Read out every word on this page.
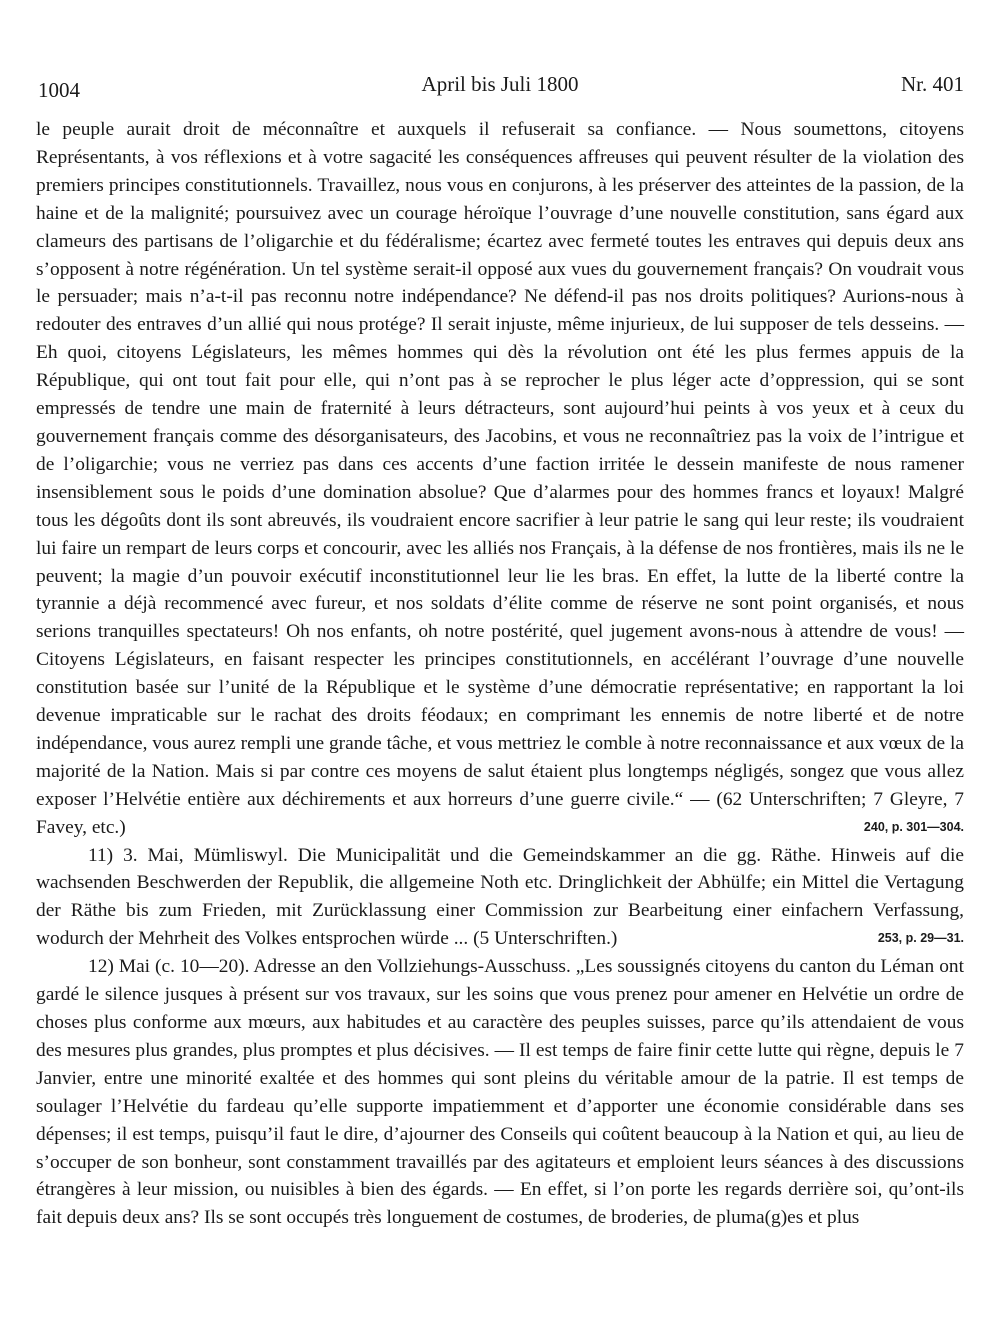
1004	April bis Juli 1800	Nr. 401

le peuple aurait droit de méconnaître et auxquels il refuserait sa confiance. — Nous soumettons, citoyens Représentants, à vos réflexions et à votre sagacité les conséquences affreuses qui peuvent résulter de la violation des premiers principes constitutionnels. Travaillez, nous vous en conjurons, à les préserver des atteintes de la passion, de la haine et de la malignité; poursuivez avec un courage héroïque l’ouvrage d’une nouvelle constitution, sans égard aux clameurs des partisans de l’oligarchie et du fédéralisme; écartez avec fermeté toutes les entraves qui depuis deux ans s’opposent à notre régénération. Un tel système serait-il opposé aux vues du gouvernement français? On voudrait vous le persuader; mais n’a-t-il pas reconnu notre indépendance? Ne défend-il pas nos droits politiques? Aurions-nous à redouter des entraves d’un allié qui nous protége? Il serait injuste, même injurieux, de lui supposer de tels desseins. — Eh quoi, citoyens Législateurs, les mêmes hommes qui dès la révolution ont été les plus fermes appuis de la République, qui ont tout fait pour elle, qui n’ont pas à se reprocher le plus léger acte d’oppression, qui se sont empressés de tendre une main de fraternité à leurs détracteurs, sont aujourd’hui peints à vos yeux et à ceux du gouvernement français comme des désorganisateurs, des Jacobins, et vous ne reconnaîtriez pas la voix de l’intrigue et de l’oligarchie; vous ne verriez pas dans ces accents d’une faction irritée le dessein manifeste de nous ramener insensiblement sous le poids d’une domination absolue? Que d’alarmes pour des hommes francs et loyaux! Malgré tous les dégoûts dont ils sont abreuvés, ils voudraient encore sacrifier à leur patrie le sang qui leur reste; ils voudraient lui faire un rempart de leurs corps et concourir, avec les alliés nos Français, à la défense de nos frontières, mais ils ne le peuvent; la magie d’un pouvoir exécutif inconstitutionnel leur lie les bras. En effet, la lutte de la liberté contre la tyrannie a déjà recommencé avec fureur, et nos soldats d’élite comme de réserve ne sont point organisés, et nous serions tranquilles spectateurs! Oh nos enfants, oh notre postérité, quel jugement avons-nous à attendre de vous! — Citoyens Législateurs, en faisant respecter les principes constitutionnels, en accélérant l’ouvrage d’une nouvelle constitution basée sur l’unité de la République et le système d’une démocratie représentative; en rapportant la loi devenue impraticable sur le rachat des droits féodaux; en comprimant les ennemis de notre liberté et de notre indépendance, vous aurez rempli une grande tâche, et vous mettriez le comble à notre reconnaissance et aux vœux de la majorité de la Nation. Mais si par contre ces moyens de salut étaient plus longtemps négligés, songez que vous allez exposer l’Helvétie entière aux déchirements et aux horreurs d’une guerre civile.“ — (62 Unterschriften; 7 Gleyre, 7 Favey, etc.)	240, p. 301—304.

11) 3. Mai, Mümliswyl. Die Municipalität und die Gemeindskammer an die gg. Räthe. Hinweis auf die wachsenden Beschwerden der Republik, die allgemeine Noth etc. Dringlichkeit der Abhülfe; ein Mittel die Vertagung der Räthe bis zum Frieden, mit Zurücklassung einer Commission zur Bearbeitung einer einfachern Verfassung, wodurch der Mehrheit des Volkes entsprochen würde ... (5 Unterschriften.)	253, p. 29—31.

12) Mai (c. 10—20). Adresse an den Vollziehungs-Ausschuss. „Les soussignés citoyens du canton du Léman ont gardé le silence jusques à présent sur vos travaux, sur les soins que vous prenez pour amener en Helvétie un ordre de choses plus conforme aux mœurs, aux habitudes et au caractère des peuples suisses, parce qu’ils attendaient de vous des mesures plus grandes, plus promptes et plus décisives. — Il est temps de faire finir cette lutte qui règne, depuis le 7 Janvier, entre une minorité exaltée et des hommes qui sont pleins du véritable amour de la patrie. Il est temps de soulager l’Helvétie du fardeau qu’elle supporte impatiemment et d’apporter une économie considérable dans ses dépenses; il est temps, puisqu’il faut le dire, d’ajourner des Conseils qui coûtent beaucoup à la Nation et qui, au lieu de s’occuper de son bonheur, sont constamment travaillés par des agitateurs et emploient leurs séances à des discussions étrangères à leur mission, ou nuisibles à bien des égards. — En effet, si l’on porte les regards derrière soi, qu’ont-ils fait depuis deux ans? Ils se sont occupés très longuement de costumes, de broderies, de pluma(g)es et plus
